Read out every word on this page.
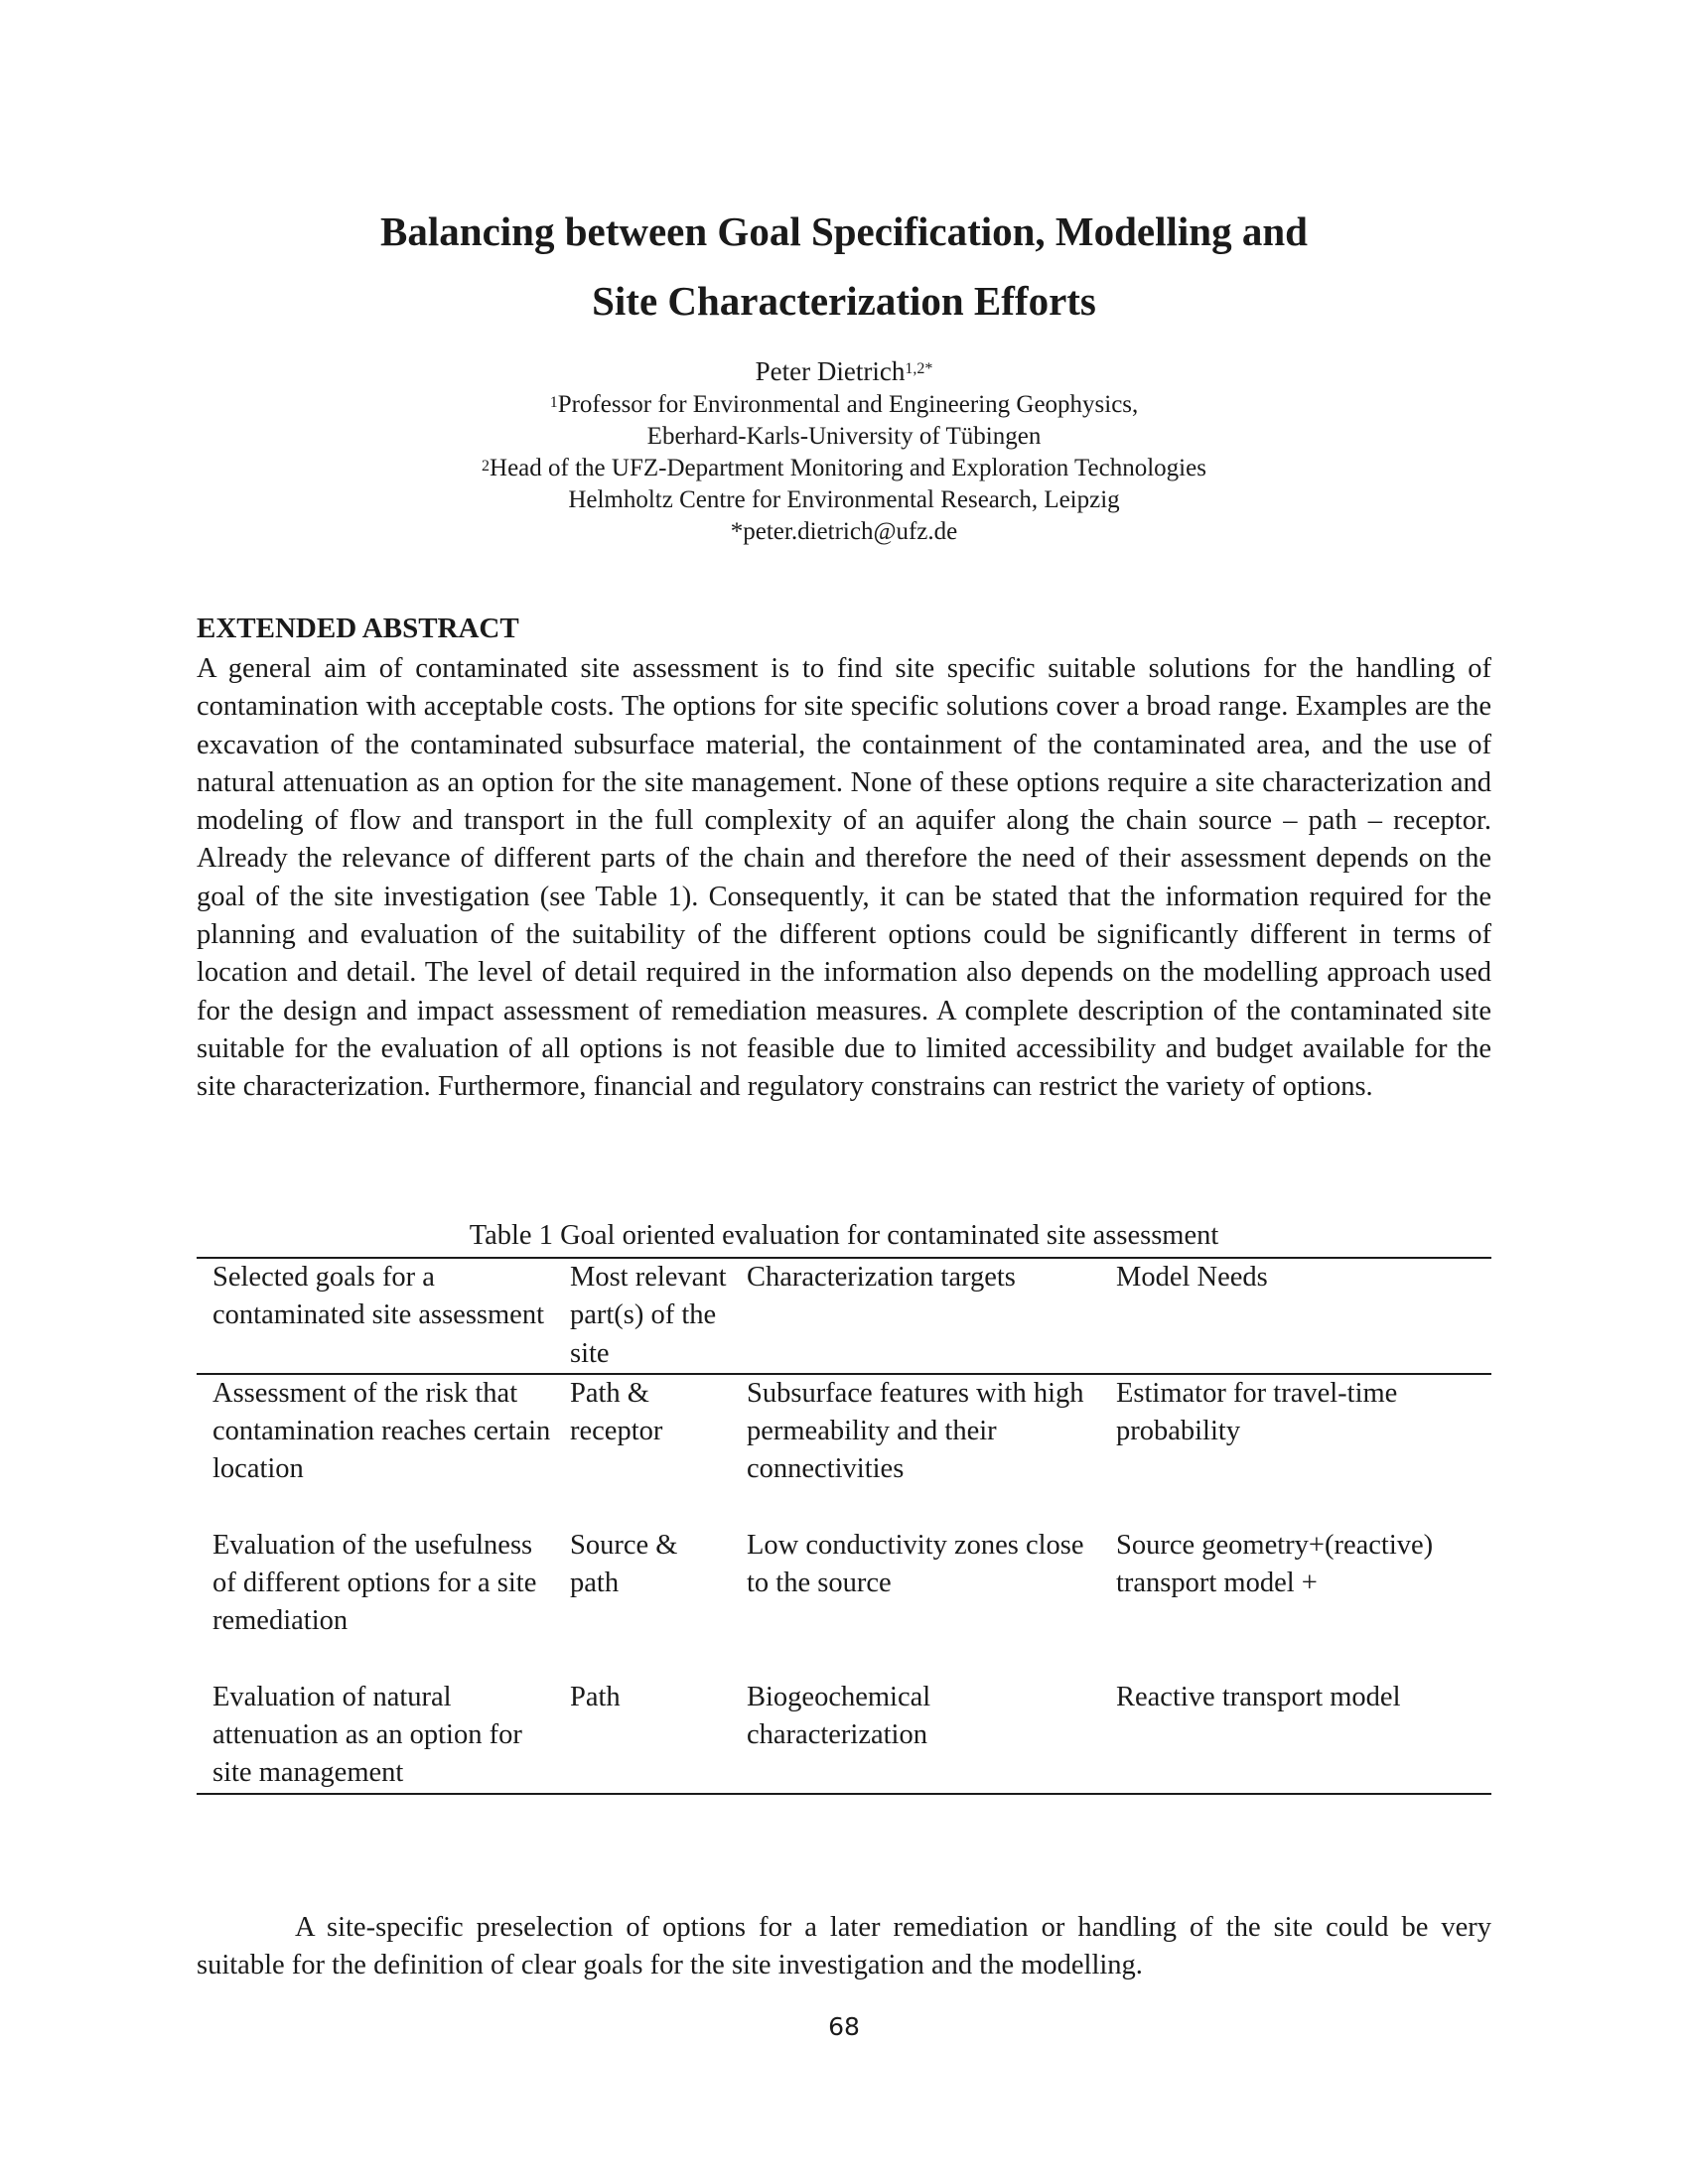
Balancing between Goal Specification, Modelling and
Site Characterization Efforts
Peter Dietrich$^{1,2*}$
$^1$Professor for Environmental and Engineering Geophysics,
Eberhard-Karls-University of Tübingen
$^2$Head of the UFZ-Department Monitoring and Exploration Technologies
Helmholtz Centre for Environmental Research, Leipzig
*peter.dietrich@ufz.de
EXTENDED ABSTRACT

A general aim of contaminated site assessment is to find site specific suitable solutions for the handling of contamination with acceptable costs. The options for site specific solutions cover a broad range. Examples are the excavation of the contaminated subsurface material, the containment of the contaminated area, and the use of natural attenuation as an option for the site management. None of these options require a site characterization and modeling of flow and transport in the full complexity of an aquifer along the chain source – path – receptor. Already the relevance of different parts of the chain and therefore the need of their assessment depends on the goal of the site investigation (see Table 1). Consequently, it can be stated that the information required for the planning and evaluation of the suitability of the different options could be significantly different in terms of location and detail. The level of detail required in the information also depends on the modelling approach used for the design and impact assessment of remediation measures. A complete description of the contaminated site suitable for the evaluation of all options is not feasible due to limited accessibility and budget available for the site characterization. Furthermore, financial and regulatory constrains can restrict the variety of options.

Table 1 Goal oriented evaluation for contaminated site assessment
Selected goals for a contaminated site assessment	Most relevant part(s) of the site	Characterization targets	Model Needs
Assessment of the risk that contamination reaches certain location	Path & receptor	Subsurface features with high permeability and their connectivities	Estimator for travel-time probability
Evaluation of the usefulness of different options for a site remediation	Source & path	Low conductivity zones close to the source	Source geometry+(reactive) transport model +
Evaluation of natural attenuation as an option for site management	Path	Biogeochemical characterization	Reactive transport model

A site-specific preselection of options for a later remediation or handling of the site could be very suitable for the definition of clear goals for the site investigation and the modelling.

68
